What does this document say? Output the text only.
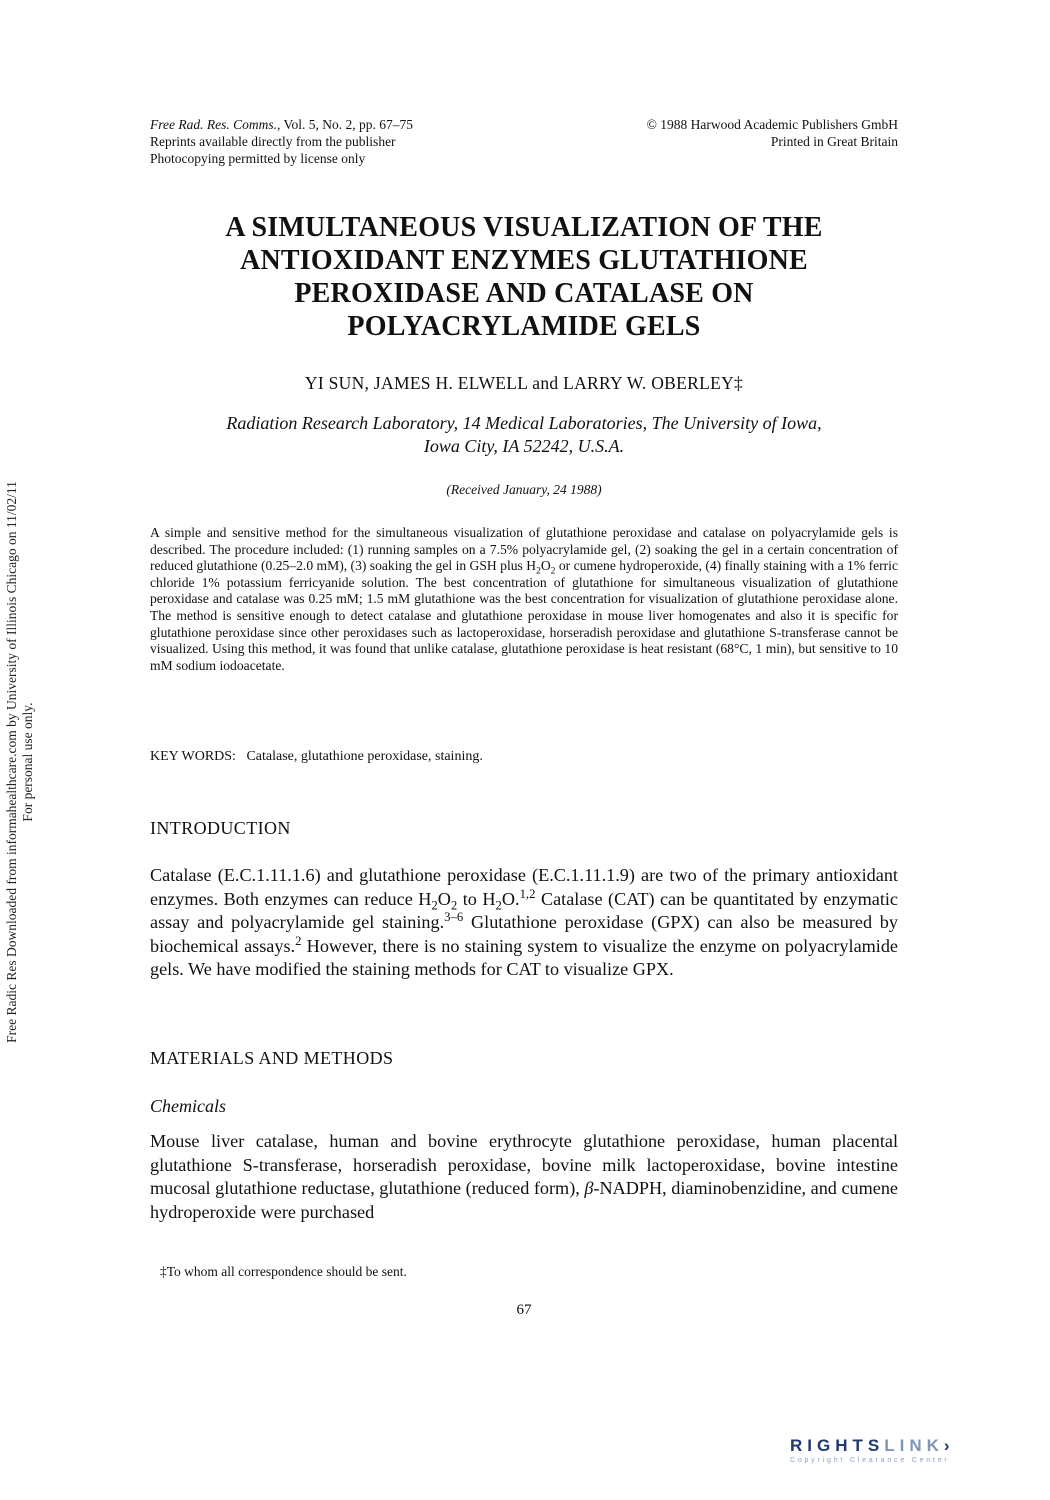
Free Rad. Res. Comms., Vol. 5, No. 2, pp. 67–75
Reprints available directly from the publisher
Photocopying permitted by license only
© 1988 Harwood Academic Publishers GmbH
Printed in Great Britain
A SIMULTANEOUS VISUALIZATION OF THE
ANTIOXIDANT ENZYMES GLUTATHIONE
PEROXIDASE AND CATALASE ON
POLYACRYLAMIDE GELS
YI SUN, JAMES H. ELWELL and LARRY W. OBERLEY‡
Radiation Research Laboratory, 14 Medical Laboratories, The University of Iowa,
Iowa City, IA 52242, U.S.A.
(Received January, 24 1988)
A simple and sensitive method for the simultaneous visualization of glutathione peroxidase and catalase on polyacrylamide gels is described. The procedure included: (1) running samples on a 7.5% polyacrylamide gel, (2) soaking the gel in a certain concentration of reduced glutathione (0.25–2.0 mM), (3) soaking the gel in GSH plus $H_2O_2$ or cumene hydroperoxide, (4) finally staining with a 1% ferric chloride 1% potassium ferricyanide solution. The best concentration of glutathione for simultaneous visualization of glutathione peroxidase and catalase was 0.25 mM; 1.5 mM glutathione was the best concentration for visualization of glutathione peroxidase alone. The method is sensitive enough to detect catalase and glutathione peroxidase in mouse liver homogenates and also it is specific for glutathione peroxidase since other peroxidases such as lactoperoxidase, horseradish peroxidase and glutathione S-transferase cannot be visualized. Using this method, it was found that unlike catalase, glutathione peroxidase is heat resistant (68°C, 1 min), but sensitive to 10 mM sodium iodoacetate.
KEY WORDS: Catalase, glutathione peroxidase, staining.
INTRODUCTION
Catalase (E.C.1.11.1.6) and glutathione peroxidase (E.C.1.11.1.9) are two of the primary antioxidant enzymes. Both enzymes can reduce $H_2O_2$ to $H_2O.^{1,2}$ Catalase (CAT) can be quantitated by enzymatic assay and polyacrylamide gel staining.$^{3-6}$ Glutathione peroxidase (GPX) can also be measured by biochemical assays.$^2$ However, there is no staining system to visualize the enzyme on polyacrylamide gels. We have modified the staining methods for CAT to visualize GPX.
MATERIALS AND METHODS
Chemicals
Mouse liver catalase, human and bovine erythrocyte glutathione peroxidase, human placental glutathione S-transferase, horseradish peroxidase, bovine milk lactoperoxidase, bovine intestine mucosal glutathione reductase, glutathione (reduced form), β-NADPH, diaminobenzidine, and cumene hydroperoxide were purchased
‡To whom all correspondence should be sent.
67
Free Radic Res Downloaded from informahealthcare.com by University of Illinois Chicago on 11/02/11 For personal use only.
RIGHTSLINK›
Copyright Clearance Center
